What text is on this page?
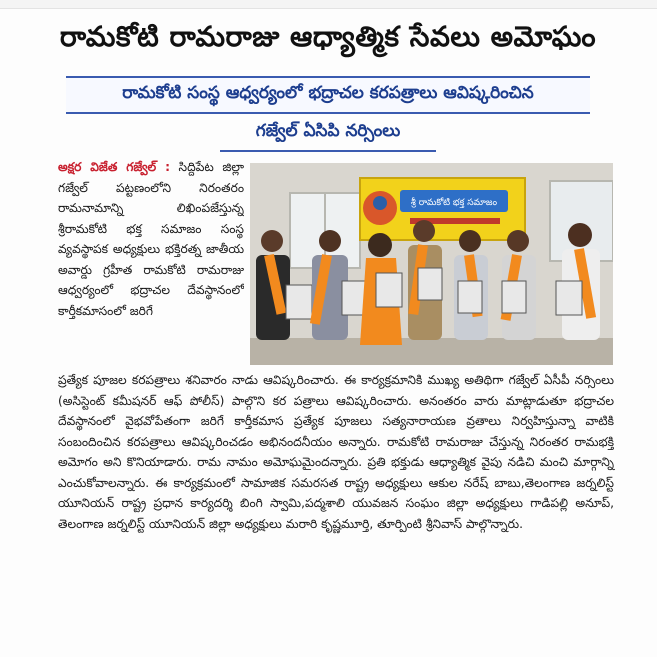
రామకోటి రామరాజు ఆధ్యాత్మిక సేవలు అమోఘం
రామకోటి సంస్థ ఆధ్వర్యంలో భద్రాచల కరపత్రాలు ఆవిష్కరించిన
గజ్వేల్ ఏసిపి నర్సింలు

అక్షర విజేత గజ్వేల్ : సిద్దిపేట జిల్లా గజ్వేల్ పట్టణంలోని నిరంతరం రామనామాన్ని లిఖింపజేస్తున్న శ్రీరామకోటి భక్త సమాజం సంస్థ వ్యవస్థాపక అధ్యక్షులు భక్తిరత్న జాతీయ అవార్డు గ్రహీత రామకోటి రామరాజు ఆధ్వర్యంలో భద్రాచల దేవస్థానంలో కార్తీకమాసంలో జరిగే

శ్రీ రామకోటి భక్త సమాజం

ప్రత్యేక పూజల కరపత్రాలు శనివారం నాడు ఆవిష్కరించారు. ఈ కార్యక్రమానికి ముఖ్య అతిథిగా గజ్వేల్ ఏసీపీ నర్సింలు (అసిస్టెంట్ కమీషనర్ ఆఫ్ పోలీస్) పాల్గొని కర పత్రాలు ఆవిష్కరించారు. అనంతరం వారు మాట్లాడుతూ భద్రాచల దేవస్థానంలో వైభవోపేతంగా జరిగే కార్తీకమాస ప్రత్యేక పూజలు సత్యనారాయణ వ్రతాలు నిర్వహిస్తున్నా వాటికి సంబందించిన కరపత్రాలు ఆవిష్కరించడం అభినందనీయం అన్నారు. రామకోటి రామరాజు చేస్తున్న నిరంతర రామభక్తి అమోగం అని కొనియాడారు. రామ నామం అమోఘమైందన్నారు. ప్రతి భక్తుడు ఆధ్యాత్మిక వైపు నడిచి మంచి మార్గాన్ని ఎంచుకోవాలన్నారు. ఈ కార్యక్రమంలో సామాజిక సమరసత రాష్ట్ర అధ్యక్షులు ఆకుల నరేష్ బాబు,తెలంగాణ జర్నలిస్ట్ యూనియన్ రాష్ట్ర ప్రధాన కార్యదర్శి బింగి స్వామి,పద్మశాలి యువజన సంఘం జిల్లా అధ్యక్షులు గాడిపల్లి అనూప్, తెలంగాణ జర్నలిస్ట్ యూనియన్ జిల్లా అధ్యక్షులు మరారి కృష్ణమూర్తి, తూర్పింటి శ్రీనివాస్ పాల్గొన్నారు.
